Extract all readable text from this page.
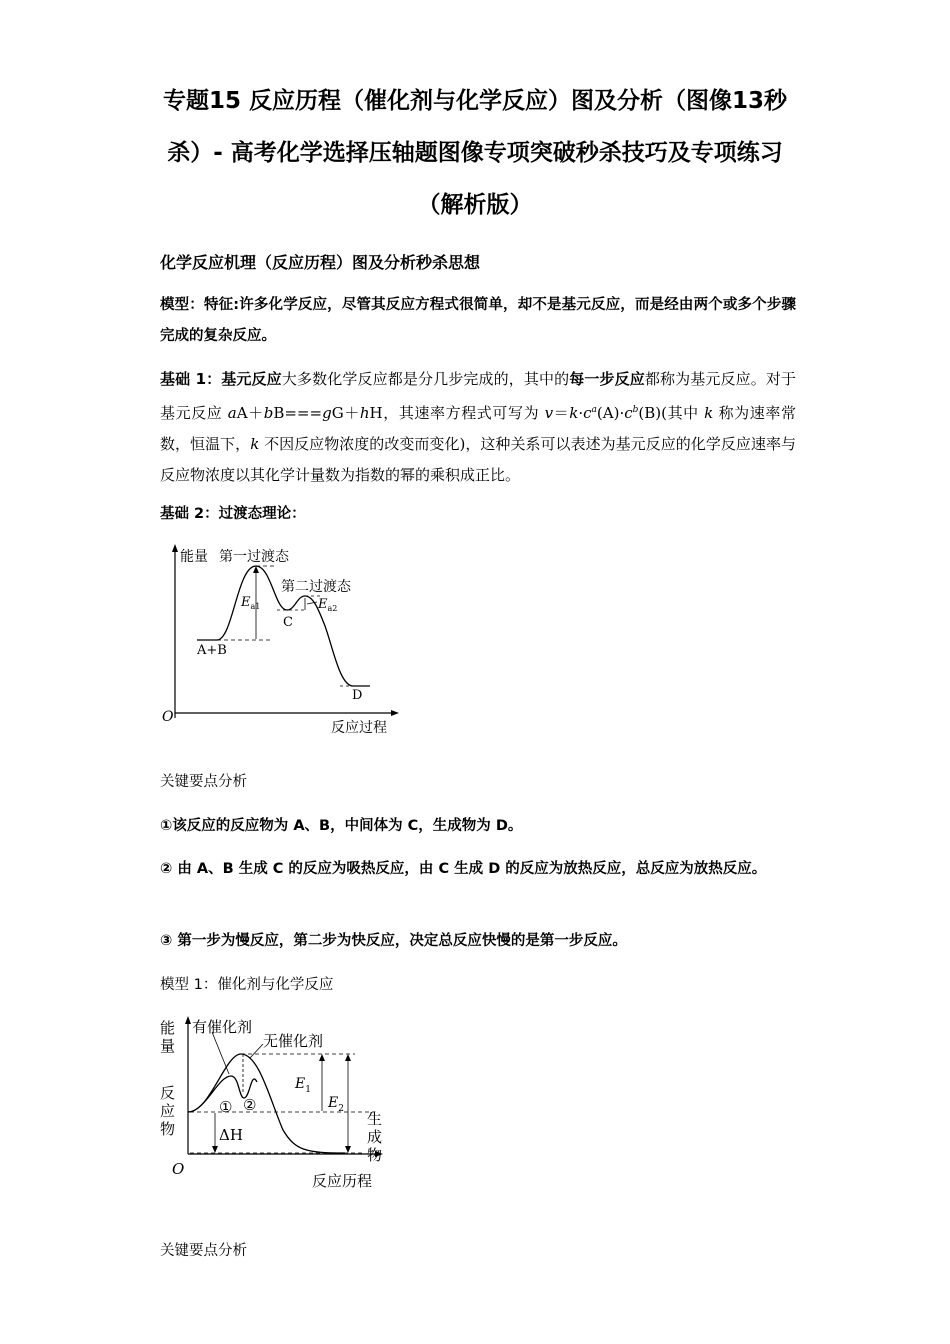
专题15 反应历程（催化剂与化学反应）图及分析（图像13秒杀）- 高考化学选择压轴题图像专项突破秒杀技巧及专项练习（解析版）
化学反应机理（反应历程）图及分析秒杀思想
模型：特征:许多化学反应，尽管其反应方程式很简单，却不是基元反应，而是经由两个或多个步骤完成的复杂反应。
基础 1：基元反应大多数化学反应都是分几步完成的，其中的每一步反应都称为基元反应。对于基元反应 aA＋bB===gG＋hH，其速率方程式可写为 $v=k\cdot c^a(A)\cdot c^b(B)$(其中 k 称为速率常数，恒温下，k 不因反应物浓度的改变而变化)，这种关系可以表述为基元反应的化学反应速率与反应物浓度以其化学计量数为指数的幂的乘积成正比。
基础 2：过渡态理论：
能量 第一过渡态
第二过渡态
$E_{a1}$	$E_{a2}$
C
A+B
D
O
反应过程
关键要点分析
①该反应的反应物为 A、B，中间体为 C，生成物为 D。
② 由 A、B 生成 C 的反应为吸热反应，由 C 生成 D 的反应为放热反应，总反应为放热反应。
③ 第一步为慢反应，第二步为快反应，决定总反应快慢的是第一步反应。
模型 1：催化剂与化学反应
能
量
有催化剂
无催化剂
反
应
物
生
成
物
$E_1$
$E_2$
① ②
ΔH
O
反应历程
关键要点分析
